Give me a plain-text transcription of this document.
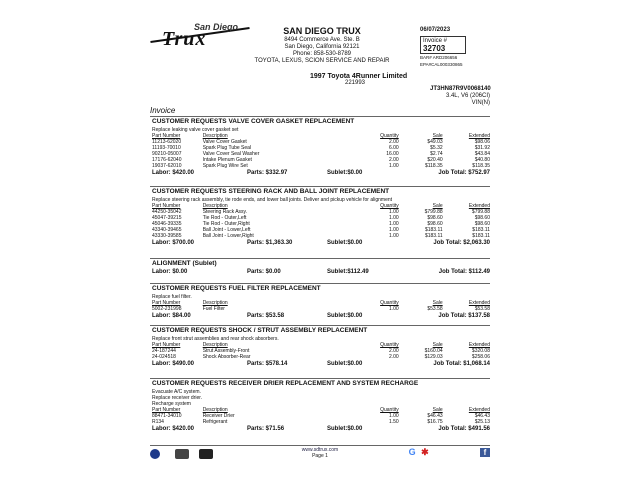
San Diego
Trux	SAN DIEGO TRUX
8494 Commerce Ave. Ste. B
San Diego, California 92121
Phone: 858-530-8789
TOYOTA, LEXUS, SCION SERVICE AND REPAIR
06/07/2023
Invoice #
32703
BAR# ARD206656
EPA#CAL000330865
1997 Toyota 4Runner Limited
221993
JT3HN87R9V0068140
3.4L, V6 (206CI) VIN(N)
Invoice
CUSTOMER REQUESTS VALVE COVER GASKET REPLACEMENT
Replace leaking valve cover gasket set
Part Number	Description	Quantity	Sale	Extended
11213-62020	Valve Cover Gasket	2.00	$49.03	$98.06
11193-70010	Spark Plug Tube Seal	6.00	$5.32	$31.92
90210-05007	Valve Cover Seal Washer	16.00	$2.74	$43.84
17176-62040	Intake Plenum Gasket	2.00	$20.40	$40.80
19037-62010	Spark Plug Wire Set	1.00	$118.35	$118.35
Labor: $420.00	Parts: $332.97	Sublet:$0.00	Job Total: $752.97
CUSTOMER REQUESTS STEERING RACK AND BALL JOINT REPLACEMENT
Replace steering rack assembly, tie rode ends, and lower ball joints. Deliver and pickup vehicle for alignment
Part Number	Description	Quantity	Sale	Extended
44250-35042	Steering Rack Assy.	1.00	$799.88	$799.88
45047-39215	Tie Rod - Outer,Left	1.00	$98.60	$98.60
45046-39335	Tie Rod - Outer,Right	1.00	$98.60	$98.60
43340-39465	Ball Joint - Lower,Left	1.00	$183.11	$183.11
43330-39585	Ball Joint - Lower,Right	1.00	$183.11	$183.11
Labor: $700.00	Parts: $1,363.30	Sublet:$0.00	Job Total: $2,063.30
ALIGNMENT (Sublet)
Labor: $0.00	Parts: $0.00	Sublet:$112.49	Job Total: $112.49
CUSTOMER REQUESTS FUEL FILTER REPLACEMENT
Replace fuel filter.
Part Number	Description	Quantity	Sale	Extended
5002-231998	Fuel Filter	1.00	$53.58	$53.58
Labor: $84.00	Parts: $53.58	Sublet:$0.00	Job Total: $137.58
CUSTOMER REQUESTS SHOCK / STRUT ASSEMBLY REPLACEMENT
Replace front strut assemblies and rear shock absorbers.
Part Number	Description	Quantity	Sale	Extended
24-187244	Strut Assembly-Front	2.00	$160.04	$320.08
24-024518	Shock Absorber-Rear	2.00	$129.03	$258.06
Labor: $490.00	Parts: $578.14	Sublet:$0.00	Job Total: $1,068.14
CUSTOMER REQUESTS RECEIVER DRIER REPLACEMENT AND SYSTEM RECHARGE
Evacuate A/C system.
Replace receiver drier.
Recharge system
Part Number	Description	Quantity	Sale	Extended
88471-34010	Receiver Drier	1.00	$46.43	$46.43
R134	Refrigerant	1.50	$16.75	$25.13
Labor: $420.00	Parts: $71.56	Sublet:$0.00	Job Total: $491.56

www.sdtrux.com
Page 1	G ✱	f
